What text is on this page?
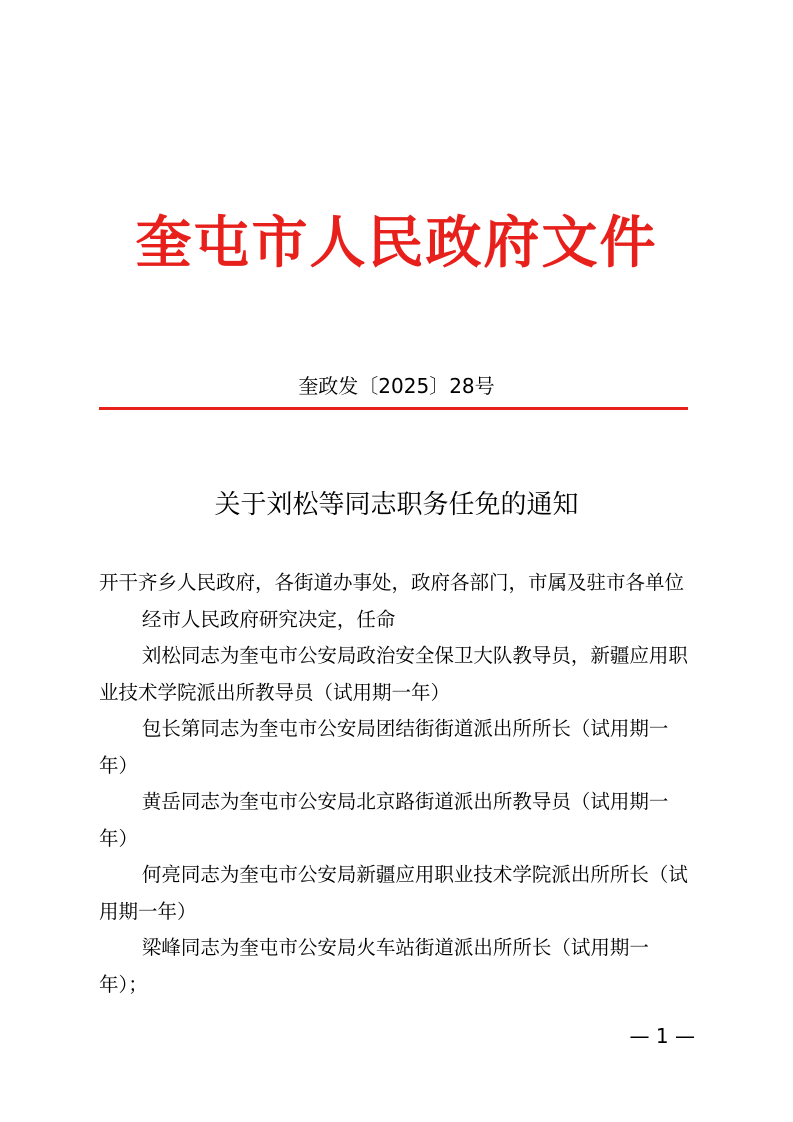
奎屯市人民政府文件
奎政发〔2025〕28号
关于刘松等同志职务任免的通知

开干齐乡人民政府，各街道办事处，政府各部门，市属及驻市各单位

经市人民政府研究决定，任命

刘松同志为奎屯市公安局政治安全保卫大队教导员，新疆应用职业技术学院派出所教导员（试用期一年）

包长第同志为奎屯市公安局团结街街道派出所所长（试用期一年）

黄岳同志为奎屯市公安局北京路街道派出所教导员（试用期一年）

何亮同志为奎屯市公安局新疆应用职业技术学院派出所所长（试用期一年）

梁峰同志为奎屯市公安局火车站街道派出所所长（试用期一年）；

— 1 —
